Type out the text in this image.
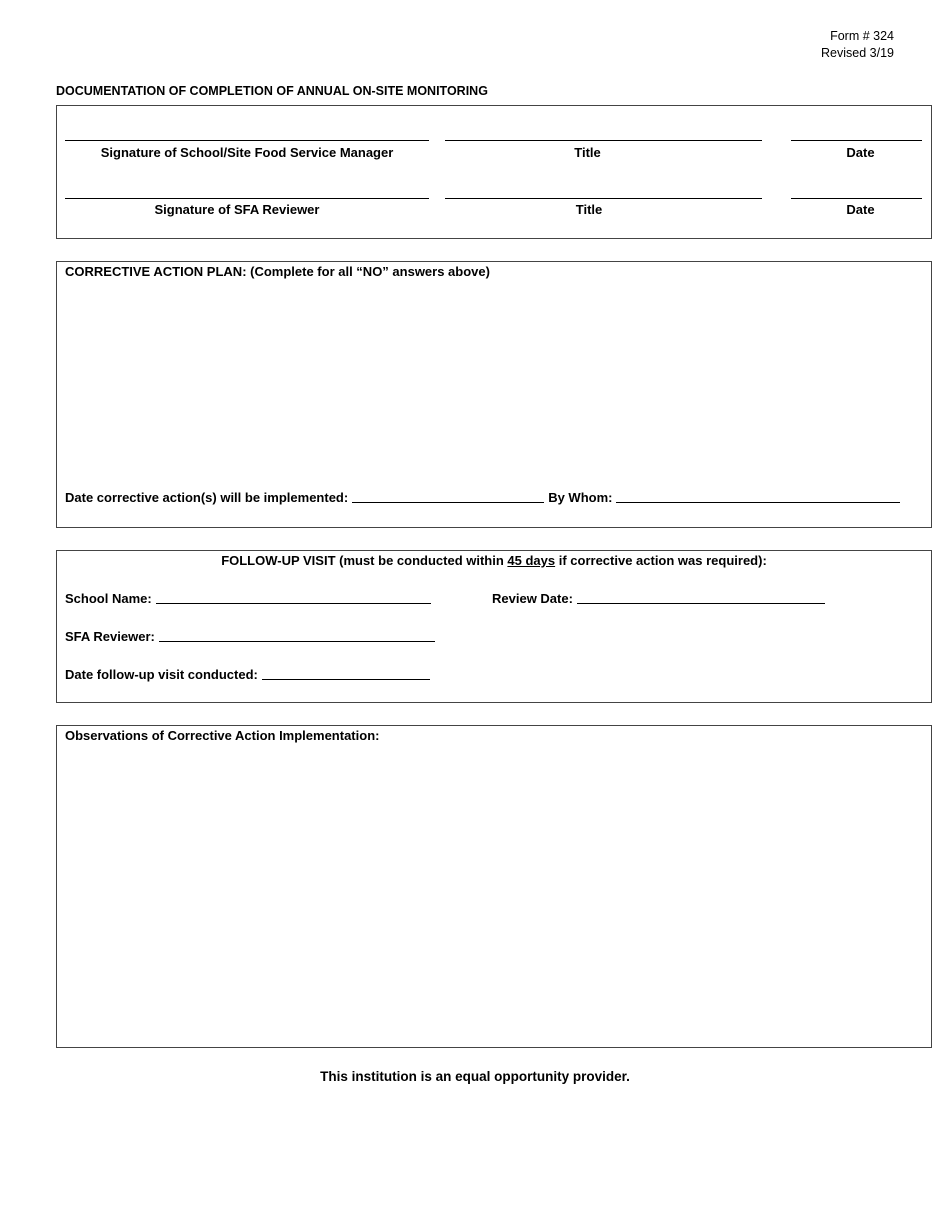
Form # 324
Revised 3/19
DOCUMENTATION OF COMPLETION OF ANNUAL ON-SITE MONITORING
Signature of School/Site Food Service Manager	Title	Date
Signature of SFA Reviewer	Title	Date
CORRECTIVE ACTION PLAN: (Complete for all “NO” answers above)
Date corrective action(s) will be implemented:	By Whom:
FOLLOW-UP VISIT (must be conducted within 45 days if corrective action was required):
School Name:	Review Date:
SFA Reviewer:
Date follow-up visit conducted:
Observations of Corrective Action Implementation:
This institution is an equal opportunity provider.
